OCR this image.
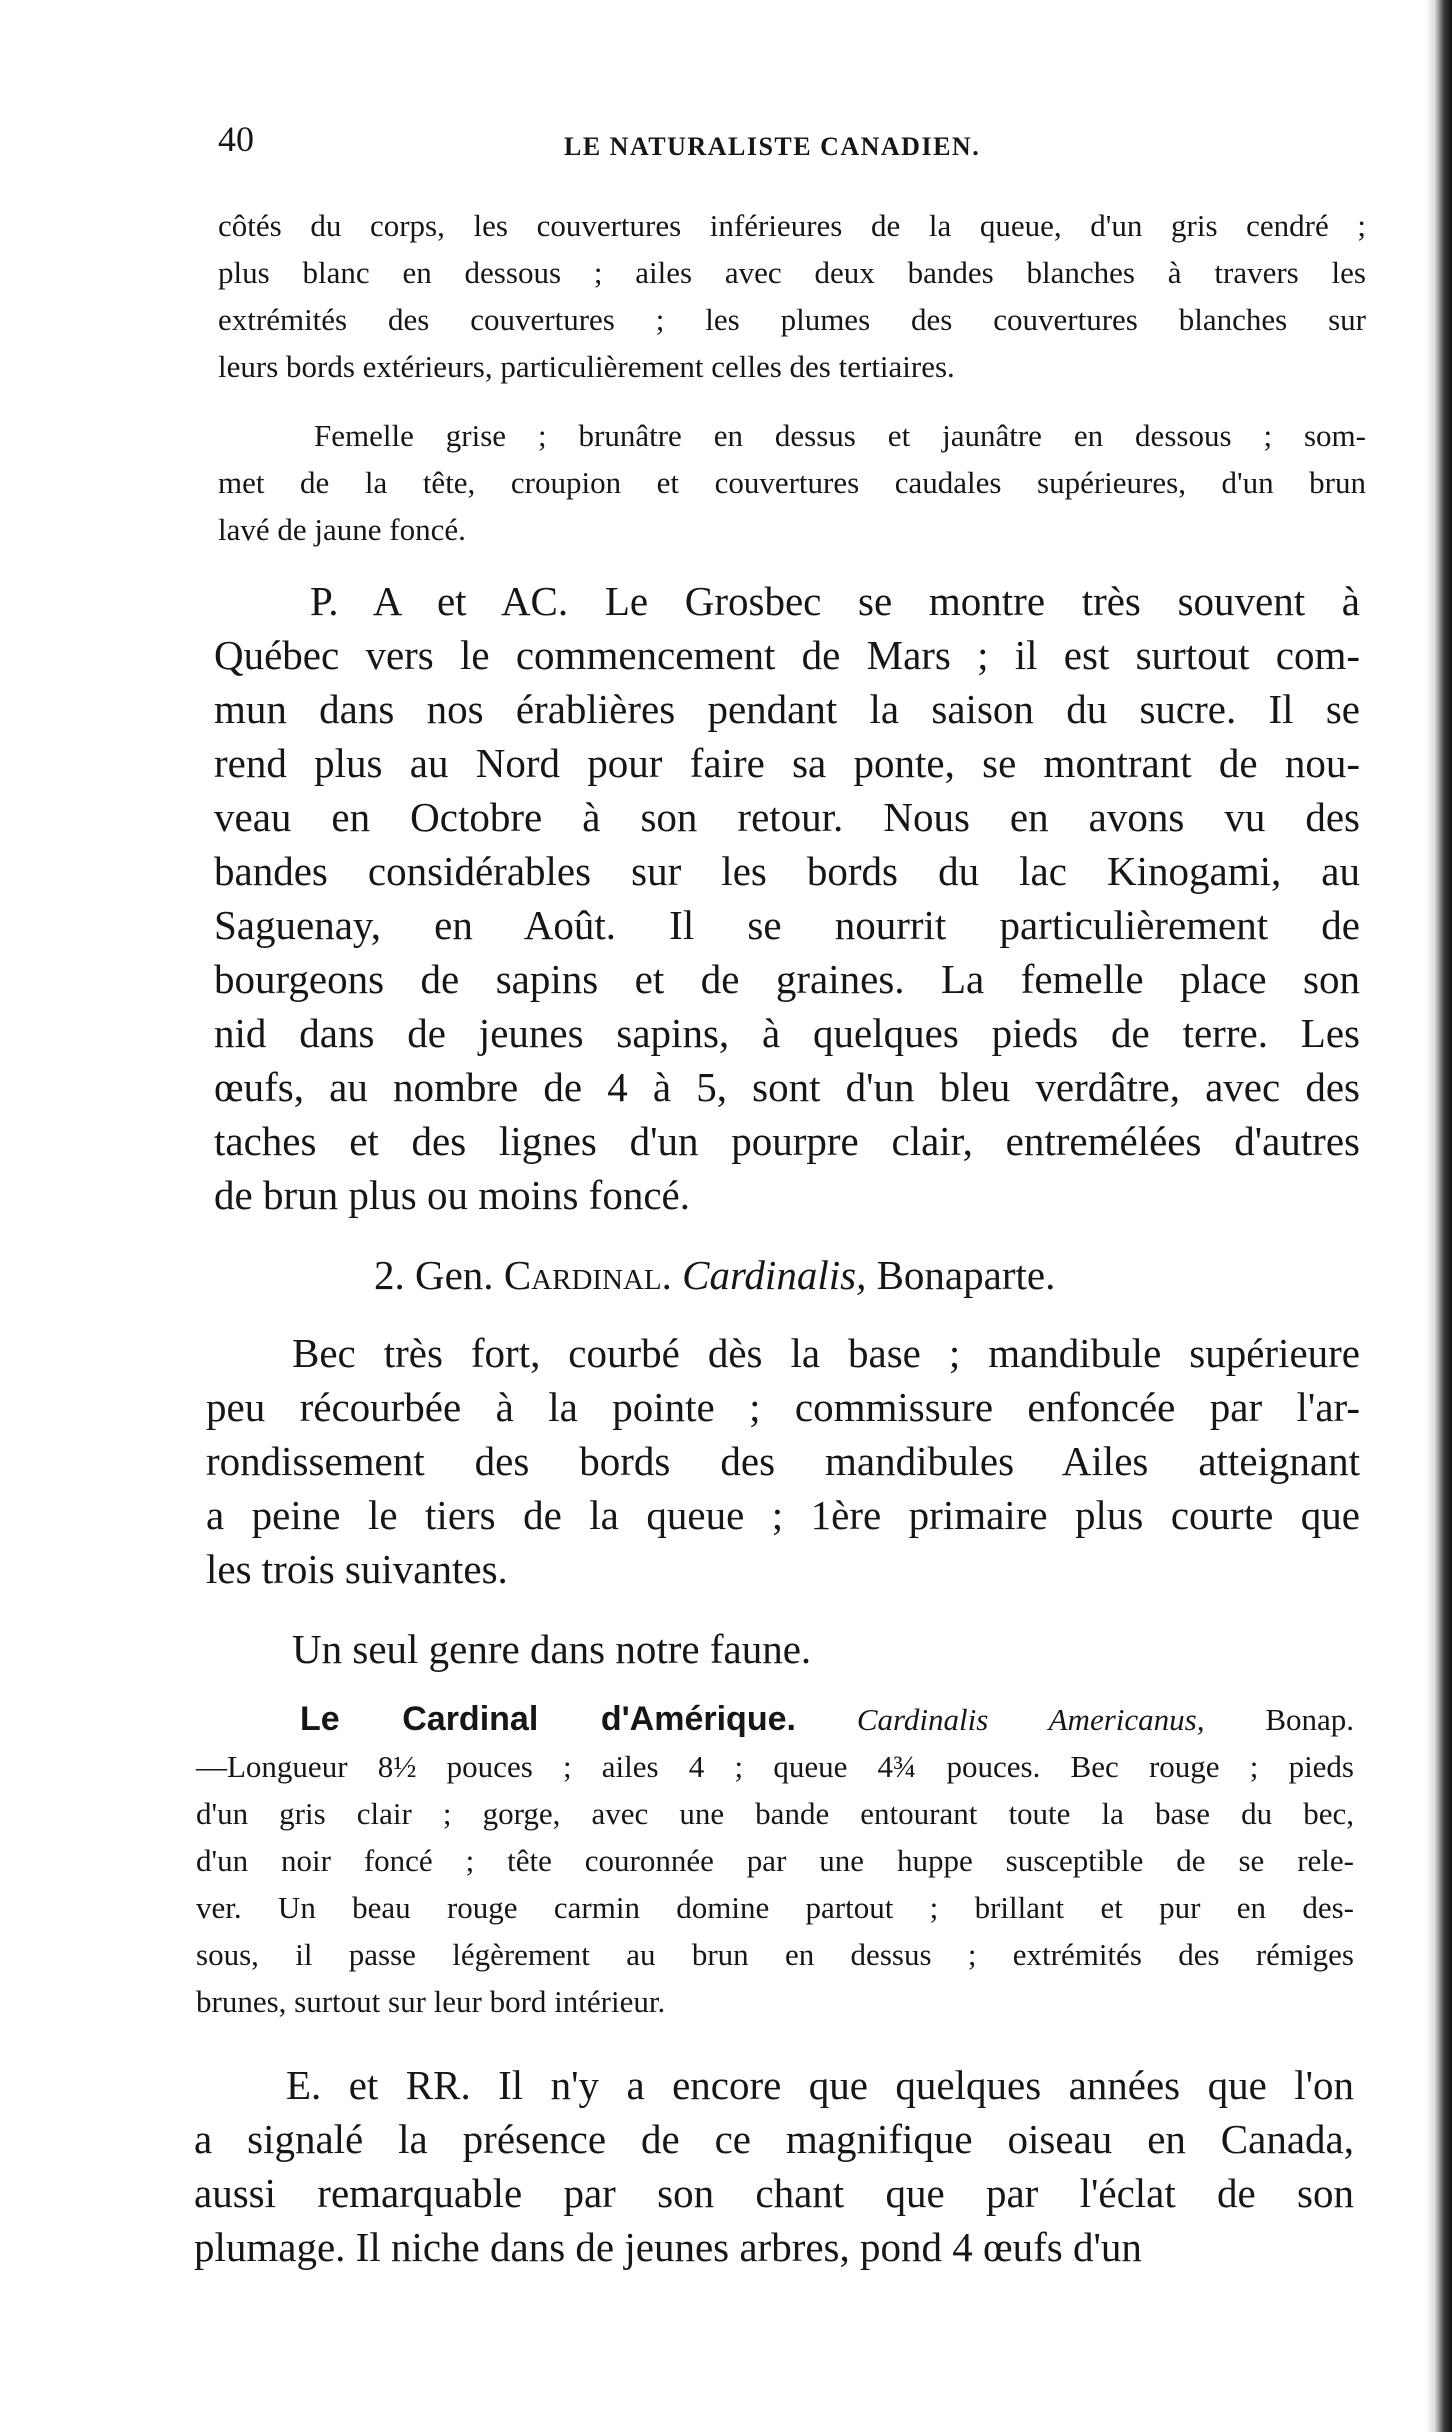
40	LE NATURALISTE CANADIEN.
côtés du corps, les couvertures inférieures de la queue, d'un gris cendré ;
plus blanc en dessous ; ailes avec deux bandes blanches à travers les
extrémités des couvertures ; les plumes des couvertures blanches sur
leurs bords extérieurs, particulièrement celles des tertiaires.
Femelle grise ; brunâtre en dessus et jaunâtre en dessous ; som-
met de la tête, croupion et couvertures caudales supérieures, d'un brun
lavé de jaune foncé.
P. A et AC. Le Grosbec se montre très souvent à
Québec vers le commencement de Mars ; il est surtout com-
mun dans nos érablières pendant la saison du sucre. Il se
rend plus au Nord pour faire sa ponte, se montrant de nou-
veau en Octobre à son retour. Nous en avons vu des
bandes considérables sur les bords du lac Kinogami, au
Saguenay, en Août. Il se nourrit particulièrement de
bourgeons de sapins et de graines. La femelle place son
nid dans de jeunes sapins, à quelques pieds de terre. Les
œufs, au nombre de 4 à 5, sont d'un bleu verdâtre, avec des
taches et des lignes d'un pourpre clair, entremélées d'autres
de brun plus ou moins foncé.
2. Gen. Cardinal. Cardinalis, Bonaparte.
Bec très fort, courbé dès la base ; mandibule supérieure
peu récourbée à la pointe ; commissure enfoncée par l'ar-
rondissement des bords des mandibules Ailes atteignant
a peine le tiers de la queue ; 1ère primaire plus courte que
les trois suivantes.
Un seul genre dans notre faune.
Le Cardinal d'Amérique. Cardinalis Americanus, Bonap.
—Longueur 8½ pouces ; ailes 4 ; queue 4¾ pouces. Bec rouge ; pieds
d'un gris clair ; gorge, avec une bande entourant toute la base du bec,
d'un noir foncé ; tête couronnée par une huppe susceptible de se rele-
ver. Un beau rouge carmin domine partout ; brillant et pur en des-
sous, il passe légèrement au brun en dessus ; extrémités des rémiges
brunes, surtout sur leur bord intérieur.
E. et RR. Il n'y a encore que quelques années que l'on
a signalé la présence de ce magnifique oiseau en Canada,
aussi remarquable par son chant que par l'éclat de son
plumage. Il niche dans de jeunes arbres, pond 4 œufs d'un
